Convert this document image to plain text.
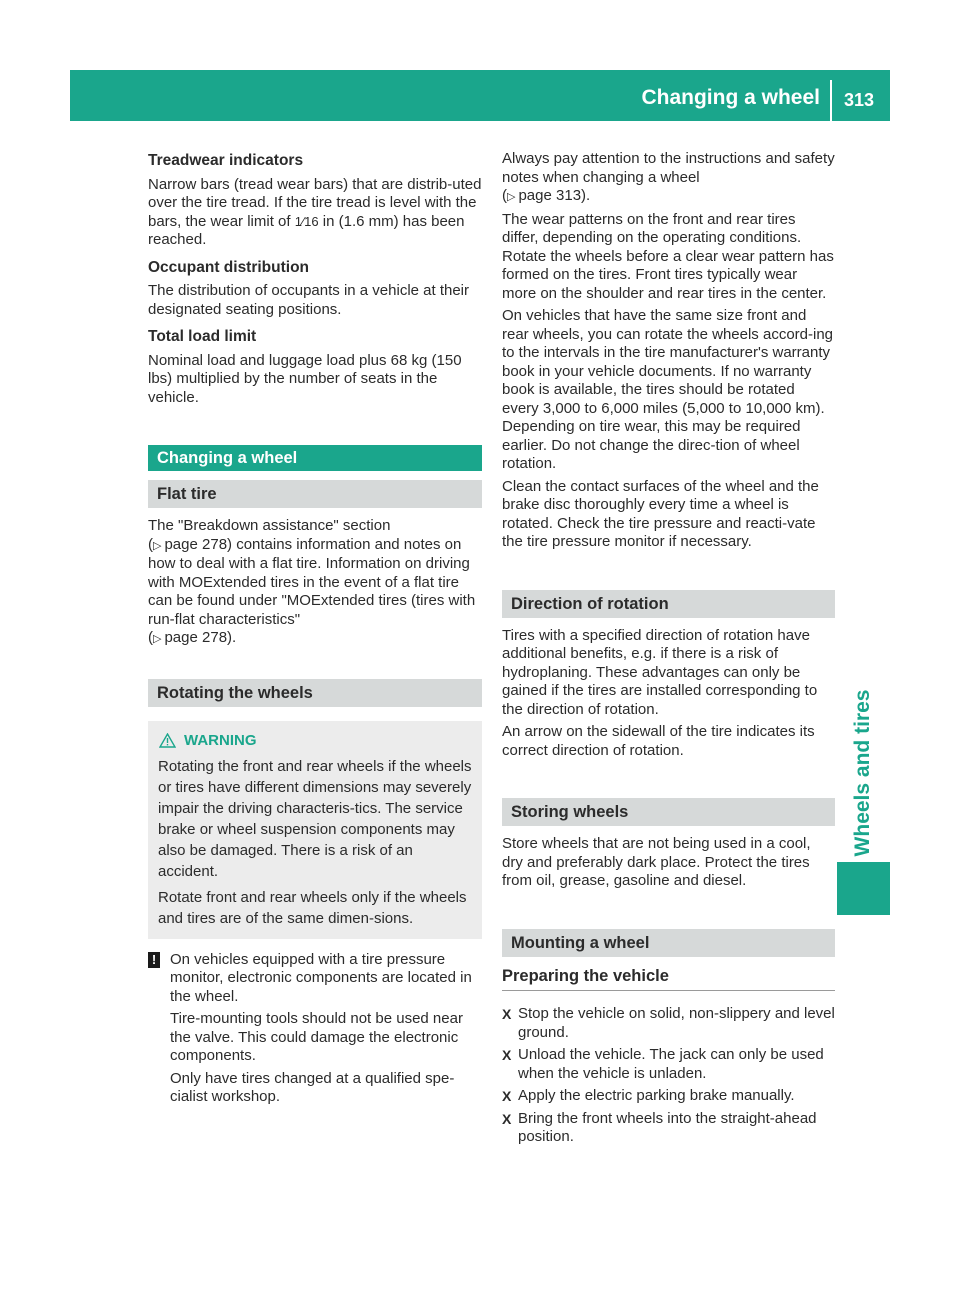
Changing a wheel 313
Wheels and tires
Treadwear indicators

Narrow bars (tread wear bars) that are distrib-uted over the tire tread. If the tire tread is level with the bars, the wear limit of 1⁄16 in (1.6 mm) has been reached.

Occupant distribution

The distribution of occupants in a vehicle at their designated seating positions.

Total load limit

Nominal load and luggage load plus 68 kg (150 lbs) multiplied by the number of seats in the vehicle.

Changing a wheel
Flat tire

The "Breakdown assistance" section
(▷ page 278) contains information and notes on how to deal with a flat tire. Information on driving with MOExtended tires in the event of a flat tire can be found under "MOExtended tires (tires with run-flat characteristics"
(▷ page 278).

Rotating the wheels
WARNING

Rotating the front and rear wheels if the wheels or tires have different dimensions may severely impair the driving characteris-tics. The service brake or wheel suspension components may also be damaged. There is a risk of an accident.

Rotate front and rear wheels only if the wheels and tires are of the same dimen-sions.

! On vehicles equipped with a tire pressure monitor, electronic components are located in the wheel.

Tire-mounting tools should not be used near the valve. This could damage the electronic components.

Only have tires changed at a qualified spe-cialist workshop.

Always pay attention to the instructions and safety notes when changing a wheel
(▷ page 313).

The wear patterns on the front and rear tires differ, depending on the operating conditions. Rotate the wheels before a clear wear pattern has formed on the tires. Front tires typically wear more on the shoulder and rear tires in the center.

On vehicles that have the same size front and rear wheels, you can rotate the wheels accord-ing to the intervals in the tire manufacturer's warranty book in your vehicle documents. If no warranty book is available, the tires should be rotated every 3,000 to 6,000 miles (5,000 to 10,000 km). Depending on tire wear, this may be required earlier. Do not change the direc-tion of wheel rotation.

Clean the contact surfaces of the wheel and the brake disc thoroughly every time a wheel is rotated. Check the tire pressure and reacti-vate the tire pressure monitor if necessary.

Direction of rotation

Tires with a specified direction of rotation have additional benefits, e.g. if there is a risk of hydroplaning. These advantages can only be gained if the tires are installed corresponding to the direction of rotation.

An arrow on the sidewall of the tire indicates its correct direction of rotation.

Storing wheels

Store wheels that are not being used in a cool, dry and preferably dark place. Protect the tires from oil, grease, gasoline and diesel.

Mounting a wheel
Preparing the vehicle
X Stop the vehicle on solid, non-slippery and level ground.
X Unload the vehicle. The jack can only be used when the vehicle is unladen.
X Apply the electric parking brake manually.
X Bring the front wheels into the straight-ahead position.
